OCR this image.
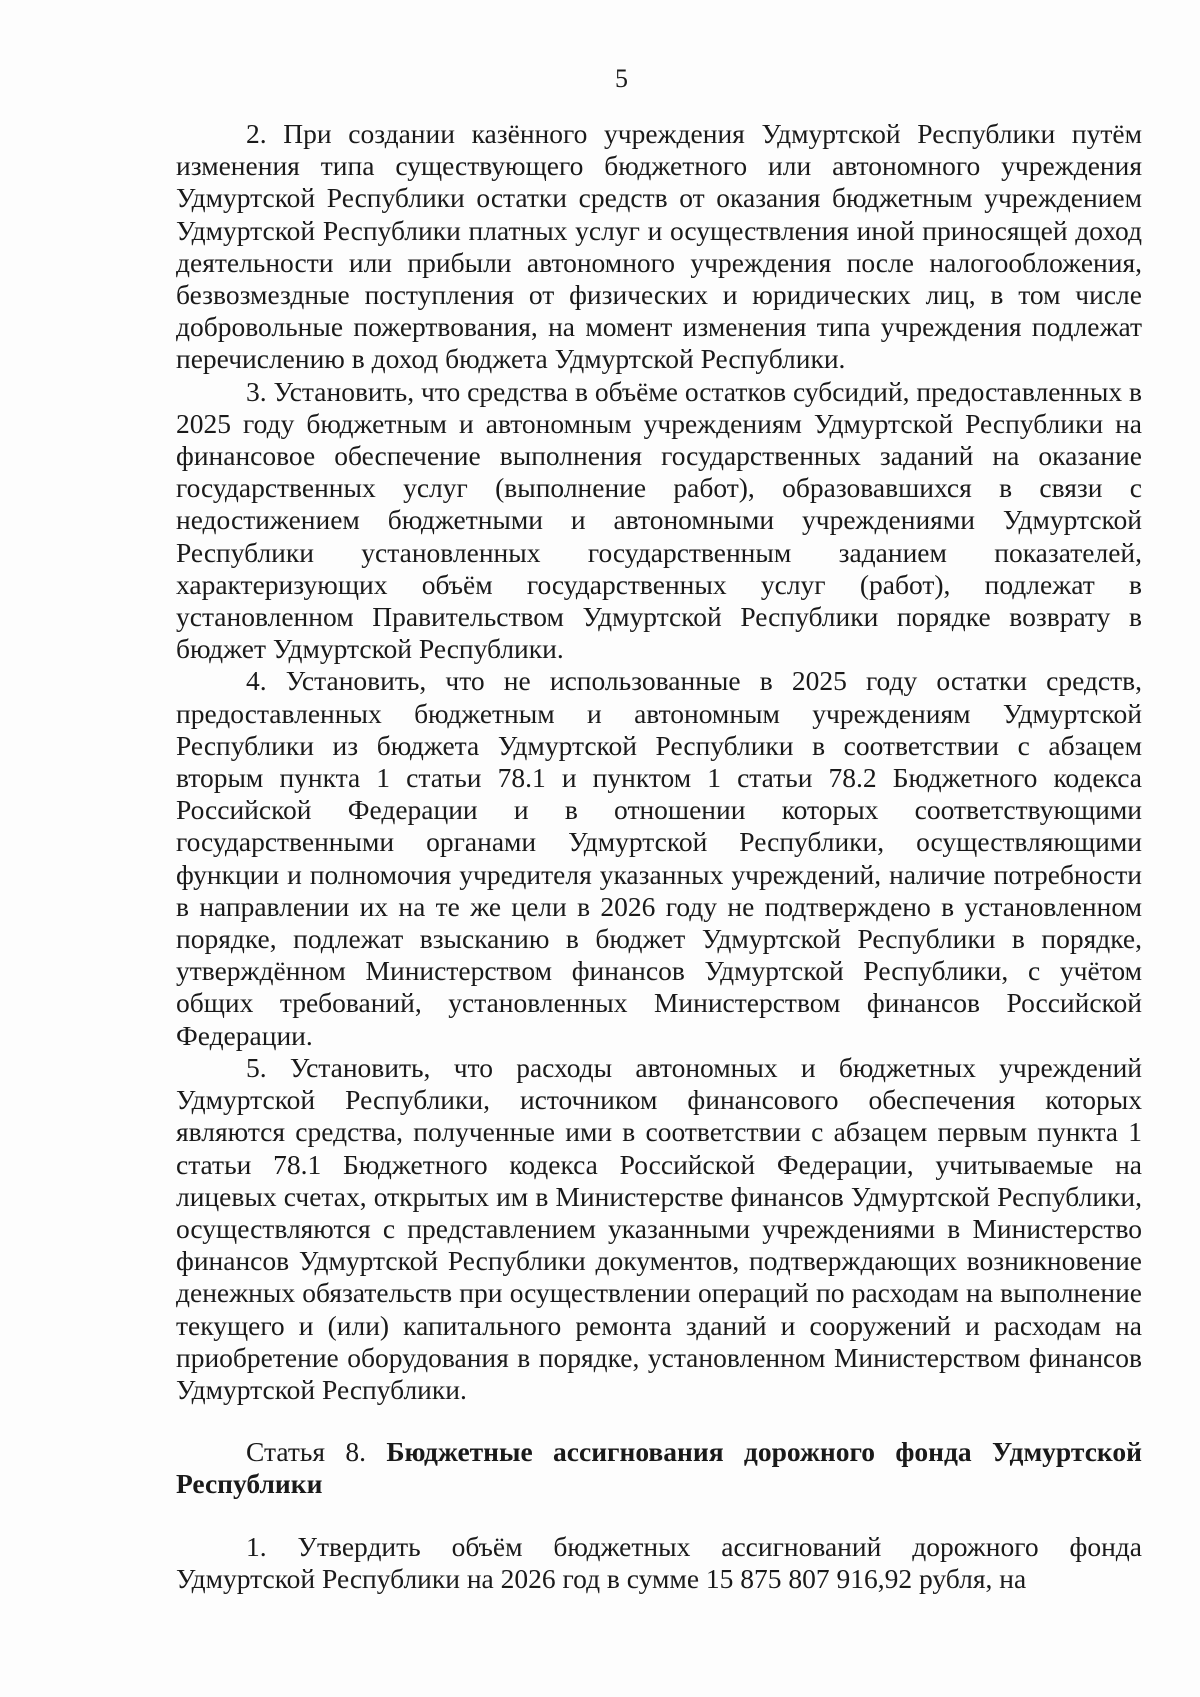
5

2. При создании казённого учреждения Удмуртской Республики путём изменения типа существующего бюджетного или автономного учреждения Удмуртской Республики остатки средств от оказания бюджетным учреждением Удмуртской Республики платных услуг и осуществления иной приносящей доход деятельности или прибыли автономного учреждения после налогообложения, безвозмездные поступления от физических и юридических лиц, в том числе добровольные пожертвования, на момент изменения типа учреждения подлежат перечислению в доход бюджета Удмуртской Республики.

3. Установить, что средства в объёме остатков субсидий, предоставленных в 2025 году бюджетным и автономным учреждениям Удмуртской Республики на финансовое обеспечение выполнения государственных заданий на оказание государственных услуг (выполнение работ), образовавшихся в связи с недостижением бюджетными и автономными учреждениями Удмуртской Республики установленных государственным заданием показателей, характеризующих объём государственных услуг (работ), подлежат в установленном Правительством Удмуртской Республики порядке возврату в бюджет Удмуртской Республики.

4. Установить, что не использованные в 2025 году остатки средств, предоставленных бюджетным и автономным учреждениям Удмуртской Республики из бюджета Удмуртской Республики в соответствии с абзацем вторым пункта 1 статьи 78.1 и пунктом 1 статьи 78.2 Бюджетного кодекса Российской Федерации и в отношении которых соответствующими государственными органами Удмуртской Республики, осуществляющими функции и полномочия учредителя указанных учреждений, наличие потребности в направлении их на те же цели в 2026 году не подтверждено в установленном порядке, подлежат взысканию в бюджет Удмуртской Республики в порядке, утверждённом Министерством финансов Удмуртской Республики, с учётом общих требований, установленных Министерством финансов Российской Федерации.

5. Установить, что расходы автономных и бюджетных учреждений Удмуртской Республики, источником финансового обеспечения которых являются средства, полученные ими в соответствии с абзацем первым пункта 1 статьи 78.1 Бюджетного кодекса Российской Федерации, учитываемые на лицевых счетах, открытых им в Министерстве финансов Удмуртской Республики, осуществляются с представлением указанными учреждениями в Министерство финансов Удмуртской Республики документов, подтверждающих возникновение денежных обязательств при осуществлении операций по расходам на выполнение текущего и (или) капитального ремонта зданий и сооружений и расходам на приобретение оборудования в порядке, установленном Министерством финансов Удмуртской Республики.

Статья 8. Бюджетные ассигнования дорожного фонда Удмуртской Республики

1. Утвердить объём бюджетных ассигнований дорожного фонда Удмуртской Республики на 2026 год в сумме 15 875 807 916,92 рубля, на
